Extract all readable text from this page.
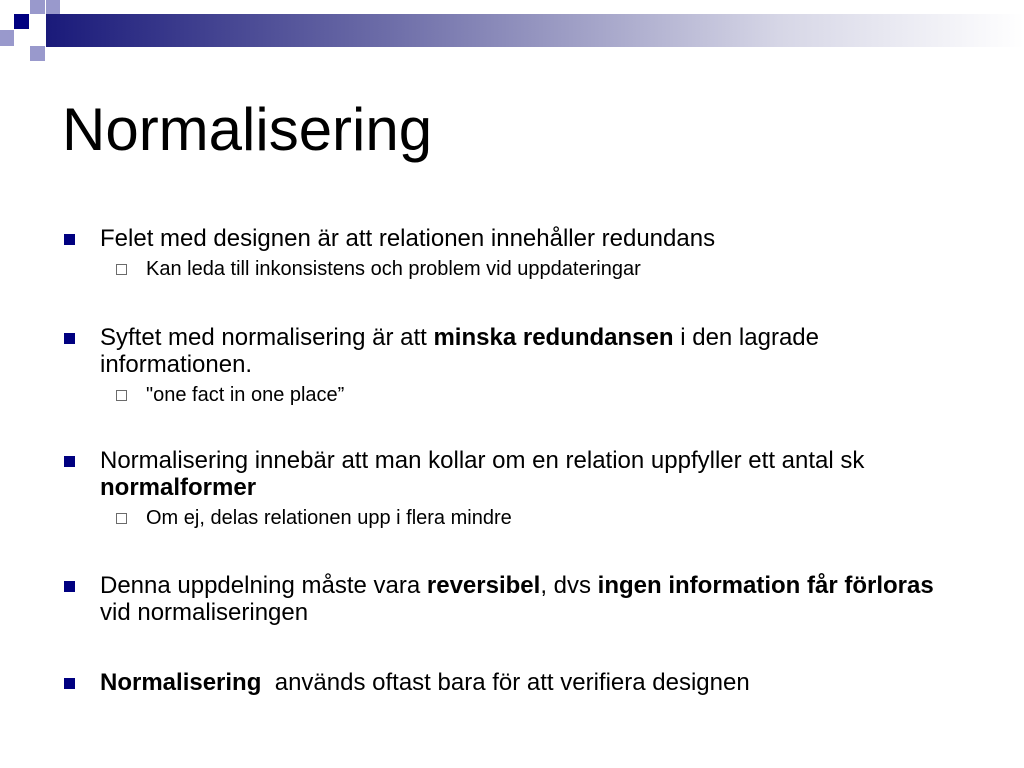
Normalisering
Felet med designen är att relationen innehåller redundans
Kan leda till inkonsistens och problem vid uppdateringar
Syftet med normalisering är att minska redundansen i den lagrade informationen.
"one fact in one place”
Normalisering innebär att man kollar om en relation uppfyller ett antal sk normalformer
Om ej, delas relationen upp i flera mindre
Denna uppdelning måste vara reversibel, dvs ingen information får förloras vid normaliseringen
Normalisering  används oftast bara för att verifiera designen
